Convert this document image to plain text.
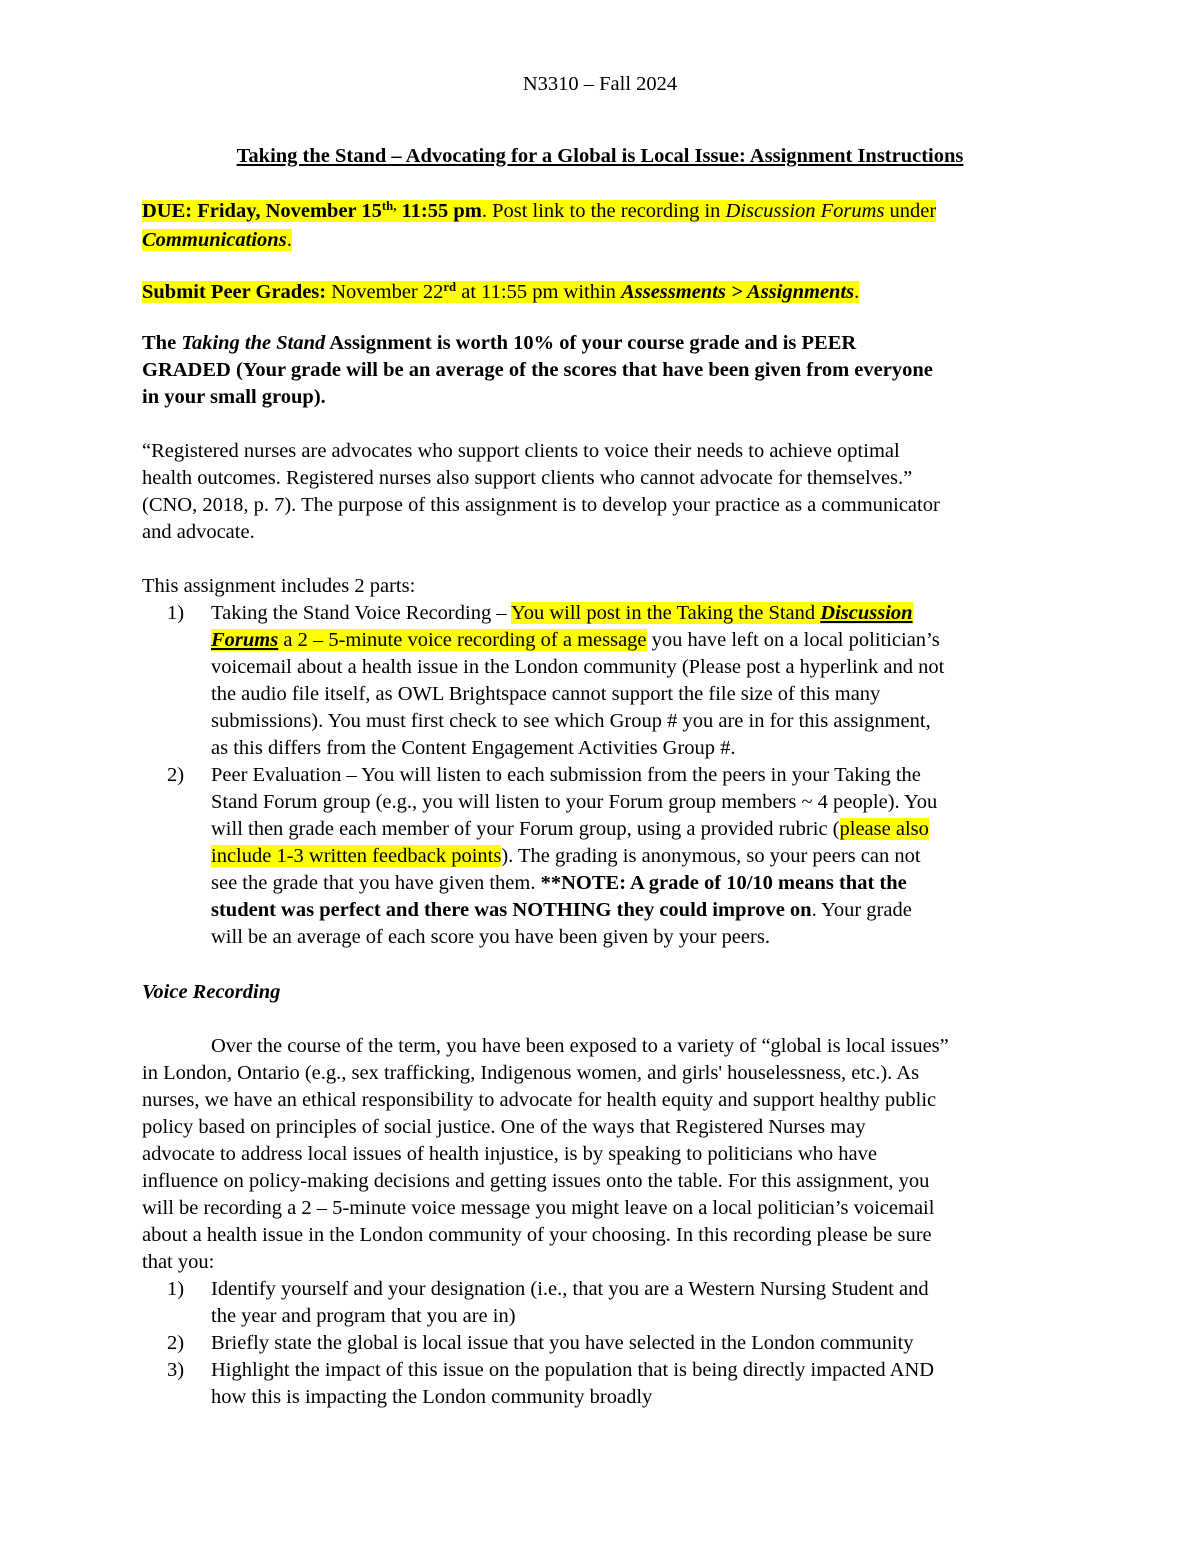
N3310 – Fall 2024
Taking the Stand – Advocating for a Global is Local Issue: Assignment Instructions
DUE: Friday, November $15^{th,}$ 11:55 pm. Post link to the recording in Discussion Forums under
Communications.
Submit Peer Grades: November 22rd at 11:55 pm within Assessments > Assignments.
The Taking the Stand Assignment is worth 10% of your course grade and is PEER
GRADED (Your grade will be an average of the scores that have been given from everyone
in your small group).
“Registered nurses are advocates who support clients to voice their needs to achieve optimal
health outcomes. Registered nurses also support clients who cannot advocate for themselves.”
(CNO, 2018, p. 7). The purpose of this assignment is to develop your practice as a communicator
and advocate.
This assignment includes 2 parts:
1) Taking the Stand Voice Recording – You will post in the Taking the Stand Discussion
Forums a 2 – 5-minute voice recording of a message you have left on a local politician’s
voicemail about a health issue in the London community (Please post a hyperlink and not
the audio file itself, as OWL Brightspace cannot support the file size of this many
submissions). You must first check to see which Group # you are in for this assignment,
as this differs from the Content Engagement Activities Group #.
2) Peer Evaluation – You will listen to each submission from the peers in your Taking the
Stand Forum group (e.g., you will listen to your Forum group members ~ 4 people). You
will then grade each member of your Forum group, using a provided rubric (please also
include 1-3 written feedback points). The grading is anonymous, so your peers can not
see the grade that you have given them. **NOTE: A grade of 10/10 means that the
student was perfect and there was NOTHING they could improve on. Your grade
will be an average of each score you have been given by your peers.
Voice Recording
Over the course of the term, you have been exposed to a variety of “global is local issues”
in London, Ontario (e.g., sex trafficking, Indigenous women, and girls' houselessness, etc.). As
nurses, we have an ethical responsibility to advocate for health equity and support healthy public
policy based on principles of social justice. One of the ways that Registered Nurses may
advocate to address local issues of health injustice, is by speaking to politicians who have
influence on policy-making decisions and getting issues onto the table. For this assignment, you
will be recording a 2 – 5-minute voice message you might leave on a local politician’s voicemail
about a health issue in the London community of your choosing. In this recording please be sure
that you:
1) Identify yourself and your designation (i.e., that you are a Western Nursing Student and
the year and program that you are in)
2) Briefly state the global is local issue that you have selected in the London community
3) Highlight the impact of this issue on the population that is being directly impacted AND
how this is impacting the London community broadly
